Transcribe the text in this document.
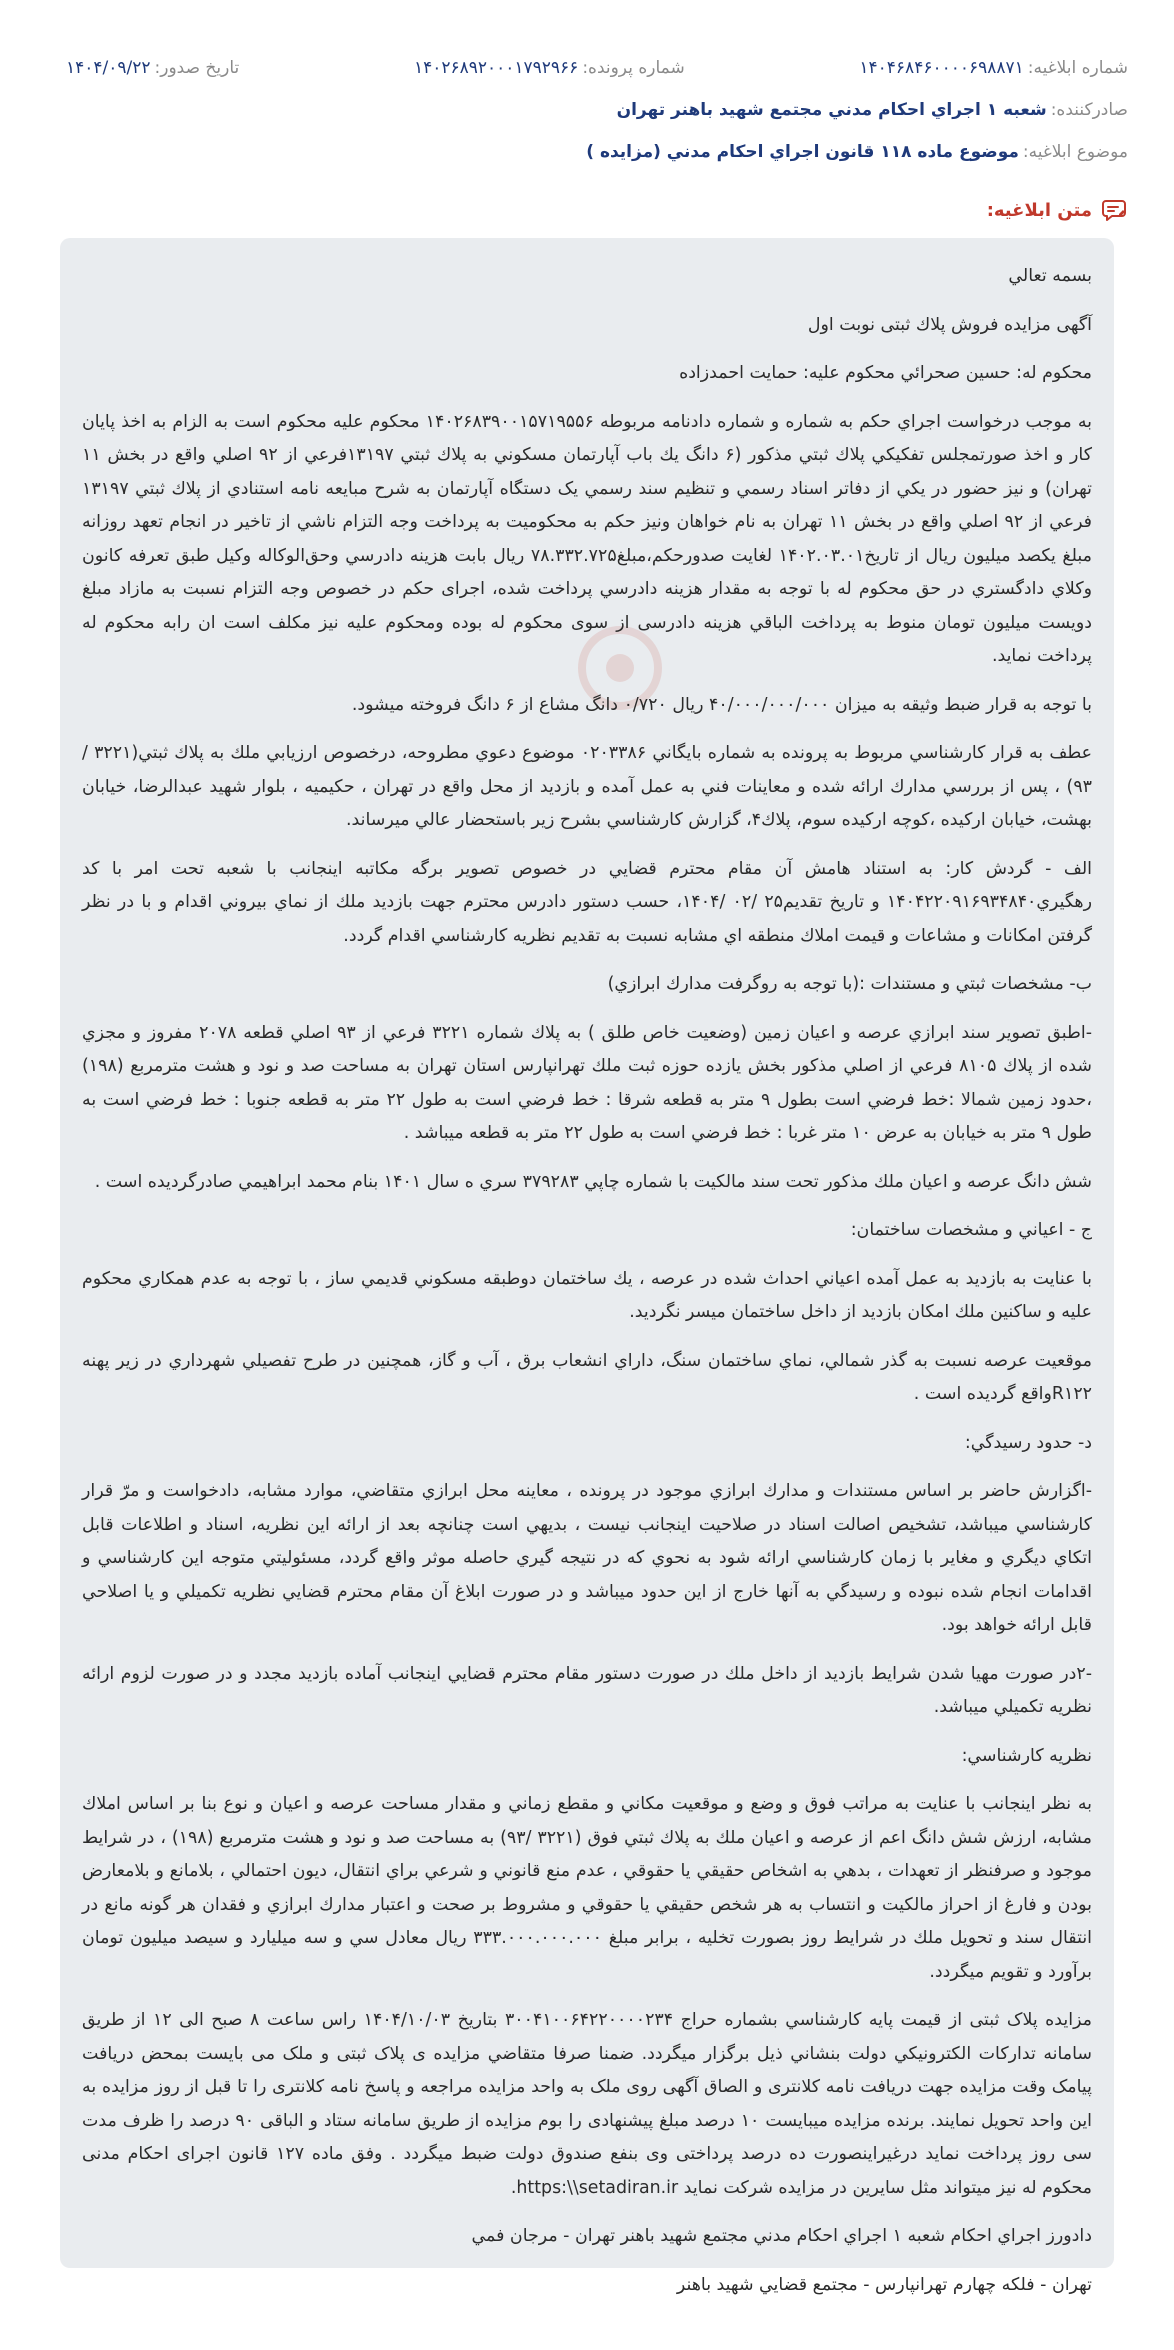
شماره ابلاغیه:
۱۴۰۴۶۸۴۶۰۰۰۰۶۹۸۸۷۱
شماره پرونده:
۱۴۰۲۶۸۹۲۰۰۰۱۷۹۲۹۶۶
تاریخ صدور:
۱۴۰۴/۰۹/۲۲
صادرکننده:
شعبه ۱ اجراي احكام مدني مجتمع شهيد باهنر تهران
موضوع ابلاغیه:
موضوع ماده ۱۱۸ قانون اجراي احكام مدني (مزايده )
متن ابلاغیه:

بسمه تعالي

آگهی مزايده فروش پلاك ثبتی نوبت اول

محكوم له: حسين صحرائي محكوم عليه: حمايت احمدزاده

به موجب درخواست اجراي حكم به شماره و شماره دادنامه مربوطه ۱۴۰۲۶۸۳۹۰۰۱۵۷۱۹۵۵۶ محكوم عليه محكوم است به الزام به اخذ پايان كار و اخذ صورتمجلس تفكيكي پلاك ثبتي مذكور (۶ دانگ يك باب آپارتمان مسكوني به پلاك ثبتي ۱۳۱۹۷فرعي از ۹۲ اصلي واقع در بخش ۱۱ تهران) و نيز حضور در يكي از دفاتر اسناد رسمي و تنظيم سند رسمي یک دستگاه آپارتمان به شرح مبايعه نامه استنادي از پلاك ثبتي ۱۳۱۹۷ فرعي از ۹۲ اصلي واقع در بخش ۱۱ تهران به نام خواهان ونيز حكم به محكوميت به پرداخت وجه التزام ناشي از تاخير در انجام تعهد روزانه مبلغ يكصد ميليون ريال از تاريخ۱۴۰۲.۰۳.۰۱ لغايت صدورحكم،مبلغ۷۸.۳۳۲.۷۲۵ ريال بابت هزينه دادرسي وحق‌الوكاله وكيل طبق تعرفه كانون وكلاي دادگستري در حق محكوم له با توجه به مقدار هزينه دادرسي پرداخت شده، اجرای حكم در خصوص وجه التزام نسبت به مازاد مبلغ دويست ميليون تومان منوط به پرداخت الباقي هزينه دادرسی از سوی محکوم له بوده ومحكوم عليه نيز مكلف است ان رابه محكوم له پرداخت نمايد.

با توجه به قرار ضبط وثيقه به ميزان ۴۰/۰۰۰/۰۰۰/۰۰۰ ريال ۰/۷۲۰ دانگ مشاع از ۶ دانگ فروخته ميشود.

عطف به قرار كارشناسي مربوط به پرونده به شماره بايگاني ۰۲۰۳۳۸۶ موضوع دعوي مطروحه، درخصوص ارزيابي ملك به پلاك ثبتي(۳۲۲۱ /۹۳) ، پس از بررسي مدارك ارائه شده و معاينات فني به عمل آمده و بازديد از محل واقع در تهران ، حكيميه ، بلوار شهيد عبدالرضا، خيابان بهشت، خيابان اركيده ،كوچه اركيده سوم، پلاك۴، گزارش كارشناسي بشرح زير باستحضار عالي ميرساند.

الف - گردش كار: به استناد هامش آن مقام محترم قضايي در خصوص تصوير برگه مكاتبه اينجانب با شعبه تحت امر با كد رهگيري۱۴۰۴۲۲۰۹۱۶۹۳۴۸۴۰ و تاريخ تقديم۲۵ /۰۲ /۱۴۰۴، حسب دستور دادرس محترم جهت بازديد ملك از نماي بيروني اقدام و با در نظر گرفتن امكانات و مشاعات و قيمت املاك منطقه اي مشابه نسبت به تقديم نظريه كارشناسي اقدام گردد.

ب- مشخصات ثبتي و مستندات :(با توجه به روگرفت مدارك ابرازي)

-اطبق تصوير سند ابرازي عرصه و اعيان زمين (وضعيت خاص طلق ) به پلاك شماره ۳۲۲۱ فرعي از ۹۳ اصلي قطعه ۲۰۷۸ مفروز و مجزي شده از پلاك ۸۱۰۵ فرعي از اصلي مذكور بخش يازده حوزه ثبت ملك تهرانپارس استان تهران به مساحت صد و نود و هشت مترمربع (۱۹۸) ،حدود زمين شمالا :خط فرضي است بطول ۹ متر به قطعه شرقا : خط فرضي است به طول ۲۲ متر به قطعه جنوبا : خط فرضي است به طول ۹ متر به خيابان به عرض ۱۰ متر غربا : خط فرضي است به طول ۲۲ متر به قطعه ميباشد .

شش دانگ عرصه و اعيان ملك مذكور تحت سند مالكيت با شماره چاپي ۳۷۹۲۸۳ سري ه سال ۱۴۰۱ بنام محمد ابراهيمي صادرگرديده است .

ج - اعياني و مشخصات ساختمان:

با عنايت به بازديد به عمل آمده اعياني احداث شده در عرصه ، يك ساختمان دوطبقه مسكوني قديمي ساز ، با توجه به عدم همكاري محكوم عليه و ساكنين ملك امكان بازديد از داخل ساختمان ميسر نگرديد.

موقعيت عرصه نسبت به گذر شمالي، نماي ساختمان سنگ، داراي انشعاب برق ، آب و گاز، همچنين در طرح تفصيلي شهرداري در زير پهنه R۱۲۲واقع گرديده است .

د- حدود رسيدگي:

-اگزارش حاضر بر اساس مستندات و مدارك ابرازي موجود در پرونده ، معاينه محل ابرازي متقاضي، موارد مشابه، دادخواست و مرّ قرار كارشناسي ميباشد، تشخيص اصالت اسناد در صلاحيت اينجانب نيست ، بديهي است چنانچه بعد از ارائه اين نظريه، اسناد و اطلاعات قابل اتكاي ديگري و مغاير با زمان كارشناسي ارائه شود به نحوي كه در نتيجه گيري حاصله موثر واقع گردد، مسئوليتي متوجه اين كارشناسي و اقدامات انجام شده نبوده و رسيدگي به آنها خارج از اين حدود ميباشد و در صورت ابلاغ آن مقام محترم قضايي نظريه تكميلي و يا اصلاحي قابل ارائه خواهد بود.

-۲در صورت مهيا شدن شرايط بازديد از داخل ملك در صورت دستور مقام محترم قضايي اينجانب آماده بازديد مجدد و در صورت لزوم ارائه نظريه تكميلي ميباشد.

نظريه كارشناسي:

به نظر اينجانب با عنايت به مراتب فوق و وضع و موقعيت مكاني و مقطع زماني و مقدار مساحت عرصه و اعيان و نوع بنا بر اساس املاك مشابه، ارزش شش دانگ اعم از عرصه و اعيان ملك به پلاك ثبتي فوق (۳۲۲۱ /۹۳) به مساحت صد و نود و هشت مترمربع (۱۹۸) ، در شرايط موجود و صرفنظر از تعهدات ، بدهي به اشخاص حقيقي يا حقوقي ، عدم منع قانوني و شرعي براي انتقال، ديون احتمالي ، بلامانع و بلامعارض بودن و فارغ از احراز مالكيت و انتساب به هر شخص حقيقي يا حقوقي و مشروط بر صحت و اعتبار مدارك ابرازي و فقدان هر گونه مانع در انتقال سند و تحويل ملك در شرايط روز بصورت تخليه ، برابر مبلغ ۳۳۳.۰۰۰.۰۰۰.۰۰۰ ريال معادل سي و سه ميليارد و سيصد ميليون تومان برآورد و تقويم ميگردد.

مزايده پلاک ثبتی از قيمت پايه كارشناسي بشماره حراج ۳۰۰۴۱۰۰۶۴۲۲۰۰۰۰۲۳۴ بتاريخ ۱۴۰۴/۱۰/۰۳ راس ساعت ۸ صبح الی ۱۲ از طريق سامانه تداركات الكترونيكي دولت بنشاني ذيل برگزار ميگردد. ضمنا صرفا متقاضي مزايده ی پلاک ثبتی و ملک می بايست بمحض دريافت پيامک وقت مزايده جهت دريافت نامه کلانتری و الصاق آگهی روی ملک به واحد مزايده مراجعه و پاسخ نامه کلانتری را تا قبل از روز مزايده به اين واحد تحويل نمايند. برنده مزايده ميبايست ۱۰ درصد مبلغ پيشنهادی را بوم مزايده از طريق سامانه ستاد و الباقی ۹۰ درصد را ظرف مدت سی روز پرداخت نمايد درغيراينصورت ده درصد پرداختی وی بنفع صندوق دولت ضبط ميگردد . وفق ماده ۱۲۷ قانون اجرای احکام مدنی محکوم له نيز ميتواند مثل سايرين در مزايده شرکت نمايد https:\\setadiran.ir.

دادورز اجراي احكام شعبه ۱ اجراي احكام مدني مجتمع شهيد باهنر تهران - مرجان فمي

تهران - فلكه چهارم تهرانپارس - مجتمع قضايي شهيد باهنر
